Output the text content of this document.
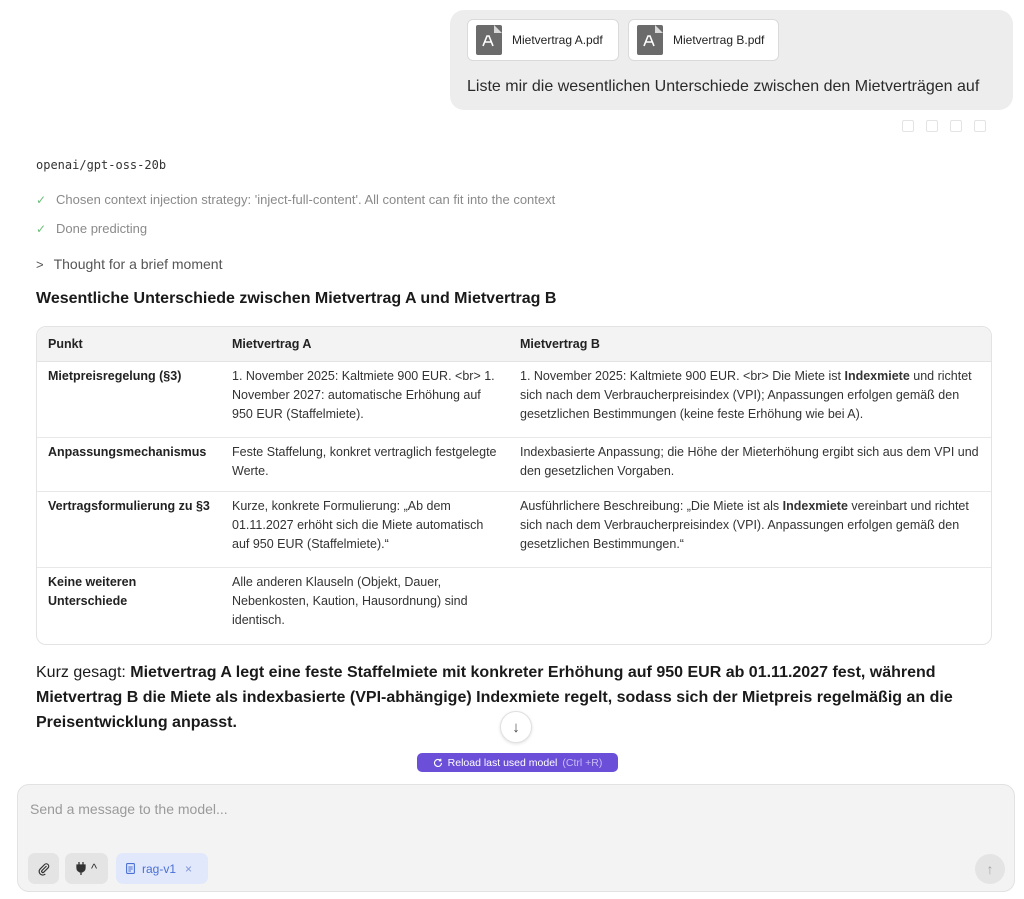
Mietvertrag A.pdf	Mietvertrag B.pdf
Liste mir die wesentlichen Unterschiede zwischen den Mietverträgen auf
openai/gpt-oss-20b
✓ Chosen context injection strategy: 'inject-full-content'. All content can fit into the context
✓ Done predicting
> Thought for a brief moment
Wesentliche Unterschiede zwischen Mietvertrag A und Mietvertrag B
Punkt	Mietvertrag A	Mietvertrag B
Mietpreisregelung (§3)	1. November 2025: Kaltmiete 900 EUR. <br> 1. November 2027: automatische Erhöhung auf 950 EUR (Staffelmiete).	1. November 2025: Kaltmiete 900 EUR. <br> Die Miete ist Indexmiete und richtet sich nach dem Verbraucherpreisindex (VPI); Anpassungen erfolgen gemäß den gesetzlichen Bestimmungen (keine feste Erhöhung wie bei A).
Anpassungsmechanismus	Feste Staffelung, konkret vertraglich festgelegte Werte.	Indexbasierte Anpassung; die Höhe der Mieterhöhung ergibt sich aus dem VPI und den gesetzlichen Vorgaben.
Vertragsformulierung zu §3	Kurze, konkrete Formulierung: „Ab dem 01.11.2027 erhöht sich die Miete automatisch auf 950 EUR (Staffelmiete).“	Ausführlichere Beschreibung: „Die Miete ist als Indexmiete vereinbart und richtet sich nach dem Verbraucherpreisindex (VPI). Anpassungen erfolgen gemäß den gesetzlichen Bestimmungen.“
Keine weiteren Unterschiede	Alle anderen Klauseln (Objekt, Dauer, Nebenkosten, Kaution, Hausordnung) sind identisch.	
Kurz gesagt: Mietvertrag A legt eine feste Staffelmiete mit konkreter Erhöhung auf 950 EUR ab 01.11.2027 fest, während Mietvertrag B die Miete als indexbasierte (VPI-abhängige) Indexmiete regelt, sodass sich der Mietpreis regelmäßig an die Preisentwicklung anpasst.	↓
Reload last used model (Ctrl +R)
Send a message to the model...
^	rag-v1 ×	↑
